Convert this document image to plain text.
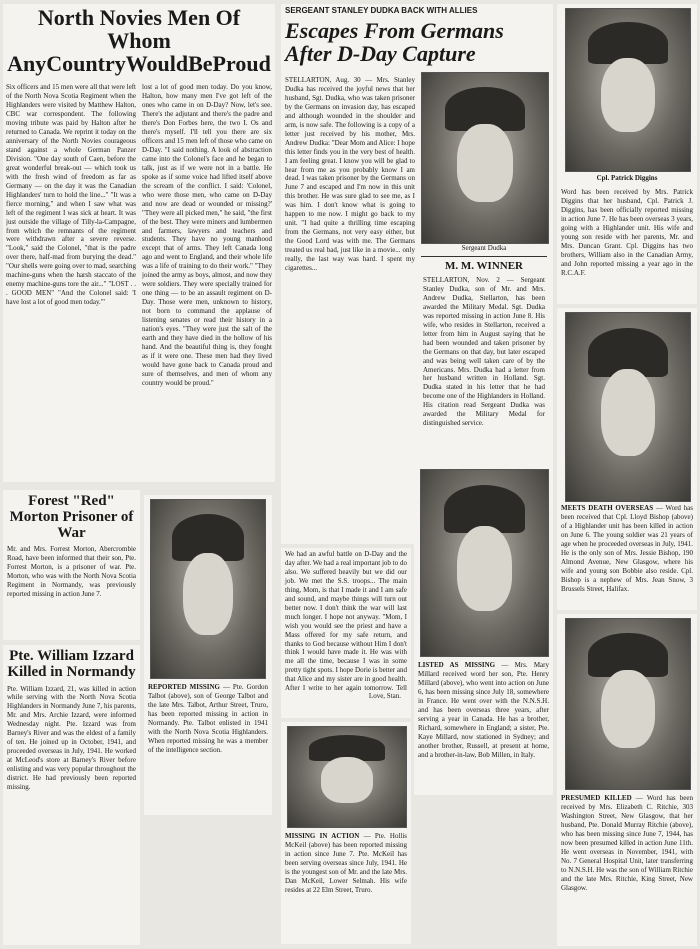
North Novies Men Of Whom AnyCountryWouldBeProud

Six officers and 15 men were all that were left of the North Nova Scotia Regiment when the Highlanders were visited by Matthew Halton, CBC war correspondent. The following moving tribute was paid by Halton after he returned to Canada. We reprint it today on the anniversary of the North Novies courageous stand against a whole German Panzer Division. "One day south of Caen, before the great wonderful break-out — which took us with the fresh wind of freedom as far as Germany — on the day it was the Canadian Highlanders' turn to hold the line..." "It was a fierce morning," and when I saw what was left of the regiment I was sick at heart. It was just outside the village of Tilly-la-Campagne, from which the remnants of the regiment were withdrawn after a severe reverse. "Look," said the Colonel, "that is the padre over there, half-mad from burying the dead." "Our shells were going over to mad, searching machine-guns when the harsh staccato of the enemy machine-guns tore the air..." "LOST . . . GOOD MEN" "And the Colonel said: 'I have lost a lot of good men today.'"

lost a lot of good men today. Do you know, Halton, how many men I've got left of the ones who came in on D-Day? Now, let's see. There's the adjutant and there's the padre and there's Don Forbes here, the two I. Os and there's myself. I'll tell you there are six officers and 15 men left of those who came on D-Day. "I said nothing. A look of abstraction came into the Colonel's face and he began to talk, just as if we were not in a battle. He spoke as if some voice had lifted itself above the scream of the conflict. I said: 'Colonel, who were those men, who came on D-Day and now are dead or wounded or missing?' "They were all picked men," he said, "the first of the best. They were miners and lumbermen and farmers, lawyers and teachers and students. They have no young manhood except that of arms. They left Canada long ago and went to England, and their whole life was a life of training to do their work." "They joined the army as boys, almost, and now they were soldiers. They were specially trained for one thing — to be an assault regiment on D-Day. Those were men, unknown to history, not born to command the applause of listening senates or read their history in a nation's eyes. "They were just the salt of the earth and they have died in the hollow of his hand. And the beautiful thing is, they fought as if it were one. These men had they lived would have gone back to Canada proud and sure of themselves, and men of whom any country would be proud."

Forest "Red" Morton Prisoner of War

Mr. and Mrs. Forrest Morton, Abercrombie Road, have been informed that their son, Pte. Forrest Morton, is a prisoner of war. Pte. Morton, who was with the North Nova Scotia Regiment in Normandy, was previously reported missing in action June 7.

Pte. William Izzard Killed in Normandy

Pte. William Izzard, 21, was killed in action while serving with the North Nova Scotia Highlanders in Normandy June 7, his parents, Mr. and Mrs. Archie Izzard, were informed Wednesday night. Pte. Izzard was from Barney's River and was the eldest of a family of ten. He joined up in October, 1941, and proceeded overseas in July, 1941. He worked at McLeod's store at Barney's River before enlisting and was very popular throughout the district. He had previously been reported missing.

REPORTED MISSING — Pte. Gordon Talbot (above), son of George Talbot and the late Mrs. Talbot, Arthur Street, Truro, has been reported missing in action in Normandy. Pte. Talbot enlisted in 1941 with the North Nova Scotia Highlanders. When reported missing he was a member of the intelligence section.

SERGEANT STANLEY DUDKA BACK WITH ALLIES
Escapes From Germans After D-Day Capture

STELLARTON, Aug. 30 — Mrs. Stanley Dudka has received the joyful news that her husband, Sgt. Dudka, who was taken prisoner by the Germans on invasion day, has escaped and although wounded in the shoulder and arm, is now safe. The following is a copy of a letter just received by his mother, Mrs. Andrew Dudka: "Dear Mom and Alice: I hope this letter finds you in the very best of health. I am feeling great. I know you will be glad to hear from me as you probably know I am dead. I was taken prisoner by the Germans on June 7 and escaped and I'm now in this unit this brother. He was sure glad to see me, as I was him. I don't know what is going to happen to me now. I might go back to my unit. "I had quite a thrilling time escaping from the Germans, not very easy either, but the Good Lord was with me. The Germans treated us real bad, just like in a movie... only really, the last way was hard. I spent my cigarettes...

Sergeant Dudka
M. M. WINNER

STELLARTON, Nov. 2 — Sergeant Stanley Dudka, son of Mr. and Mrs. Andrew Dudka, Stellarton, has been awarded the Military Medal. Sgt. Dudka was reported missing in action June 8. His wife, who resides in Stellarton, received a letter from him in August saying that he had been wounded and taken prisoner by the Germans on that day, but later escaped and was being well taken care of by the Americans. Mrs. Dudka had a letter from her husband written in Holland. Sgt. Dudka stated in his letter that he had become one of the Highlanders in Holland. His citation read Sergeant Dudka was awarded the Military Medal for distinguished service.

We had an awful battle on D-Day and the day after. We had a real important job to do also. We suffered heavily but we did our job. We met the S.S. troops... The main thing, Mom, is that I made it and I am safe and sound, and maybe things will turn out better now. I don't think the war will last much longer. I hope not anyway. "Mom, I wish you would see the priest and have a Mass offered for my safe return, and thanks to God because without Him I don't think I would have made it. He was with me all the time, because I was in some pretty tight spots. I hope Dorie is better and that Alice and my sister are in good health. After I write to her again tomorrow. Tell

Love, Stan.

MISSING IN ACTION — Pte. Hollis McKeil (above) has been reported missing in action since June 7. Pte. McKeil has been serving overseas since July, 1941. He is the youngest son of Mr. and the late Mrs. Dan McKeil, Lower Selmah. His wife resides at 22 Elm Street, Truro.

LISTED AS MISSING — Mrs. Mary Millard received word her son, Pte. Henry Millard (above), who went into action on June 6, has been missing since July 18, somewhere in France. He went over with the N.N.S.H. and has been overseas three years, after serving a year in Canada. He has a brother, Richard, somewhere in England; a sister, Pte. Kaye Millard, now stationed in Sydney; and another brother, Russell, at present at home, and a brother-in-law, Bob Millen, in Italy.

Cpl. Patrick Diggins

Word has been received by Mrs. Patrick Diggins that her husband, Cpl. Patrick J. Diggins, has been officially reported missing in action June 7. He has been overseas 3 years, going with a Highlander unit. His wife and young son reside with her parents, Mr. and Mrs. Duncan Grant. Cpl. Diggins has two brothers, William also in the Canadian Army, and John reported missing a year ago in the R.C.A.F.

MEETS DEATH OVERSEAS — Word has been received that Cpl. Lloyd Bishop (above) of a Highlander unit has been killed in action on June 6. The young soldier was 21 years of age when he proceeded overseas in July, 1941. He is the only son of Mrs. Jessie Bishop, 190 Almond Avenue, New Glasgow, where his wife and young son Bobbie also reside. Cpl. Bishop is a nephew of Mrs. Jean Snow, 3 Brussels Street, Halifax.

PRESUMED KILLED — Word has been received by Mrs. Elizabeth C. Ritchie, 303 Washington Street, New Glasgow, that her husband, Pte. Donald Murray Ritchie (above), who has been missing since June 7, 1944, has now been presumed killed in action June 11th. He went overseas in November, 1941, with No. 7 General Hospital Unit, later transferring to N.N.S.H. He was the son of William Ritchie and the late Mrs. Ritchie, King Street, New Glasgow.
